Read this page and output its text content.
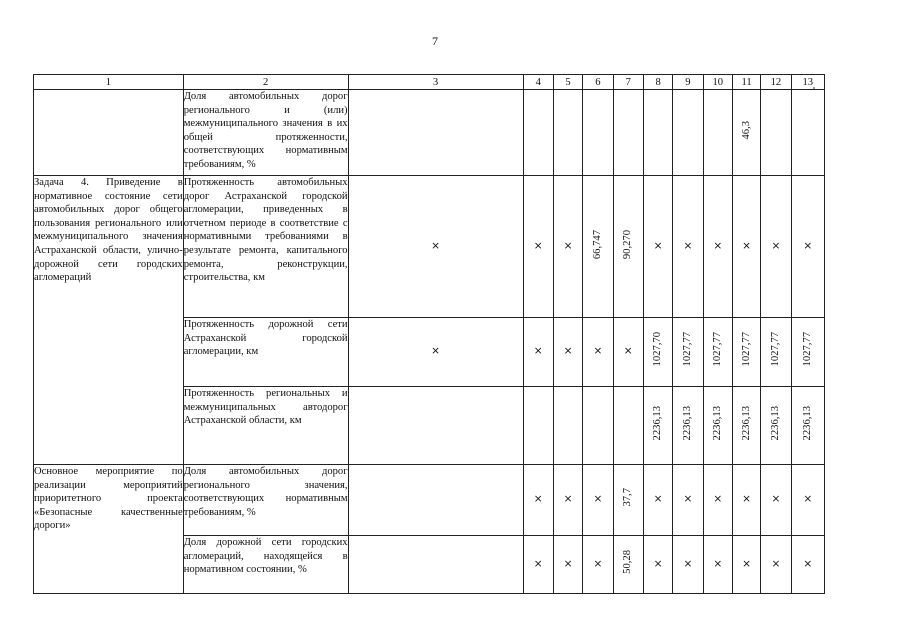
7
1	2	3	4	5	6	7	8	9	10	11	12	13
	Доля автомобильных дорог регионального и (или) межмуниципального значения в их общей протяженности, соответствующих нормативным требованиям, %									46,3		
Задача 4. Приведение в нормативное состояние сети автомобильных дорог общего пользования регионального или межмуниципального значения Астраханской области, улично-дорожной сети городских агломераций	Протяженность автомобильных дорог Астраханской городской агломерации, приведенных в отчетном периоде в соответствие с нормативными требованиями в результате ремонта, капитального ремонта, реконструкции, строительства, км	×	×	×	66,747	90,270	×	×	×	×	×	×
	Протяженность дорожной сети Астраханской городской агломерации, км	×	×	×	×	×	1027,70	1027,77	1027,77	1027,77	1027,77	1027,77
	Протяженность региональных и межмуниципальных автодорог Астраханской области, км						2236,13	2236,13	2236,13	2236,13	2236,13	2236,13
Основное мероприятие по реализации мероприятий приоритетного проекта «Безопасные качественные дороги»	Доля автомобильных дорог регионального значения, соответствующих нормативным требованиям, %		×	×	×	37,7	×	×	×	×	×	×
	Доля дорожной сети городских агломераций, находящейся в нормативном состоянии, %		×	×	×	50,28	×	×	×	×	×	×
